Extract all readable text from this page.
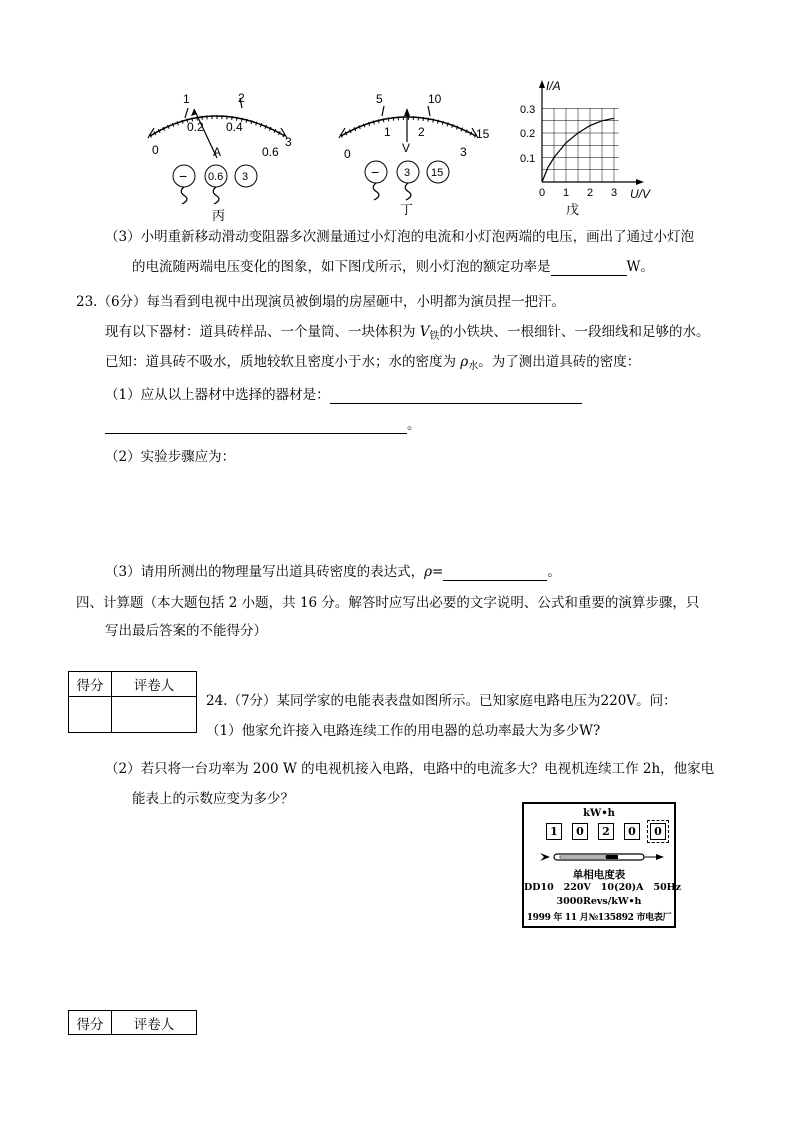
1	2
3
0
0.2 0.4
0.6
A
− 0.6 3
丙
5	10
15
0
1 2
3
V
− 3 15
丁
I/A
U/V
0.1
0.2
0.3
0 1 2 3
戊
（3）小明重新移动滑动变阻器多次测量通过小灯泡的电流和小灯泡两端的电压，画出了通过小灯泡
的电流随两端电压变化的图象，如下图戊所示，则小灯泡的额定功率是	W。
23.（6分）每当看到电视中出现演员被倒塌的房屋砸中，小明都为演员捏一把汗。
现有以下器材：道具砖样品、一个量筒、一块体积为 $V_铁$的小铁块、一根细针、一段细线和足够的水。
已知：道具砖不吸水，质地较软且密度小于水；水的密度为 $\rho_水$。为了测出道具砖的密度：
（1）应从以上器材中选择的器材是：
。
（2）实验步骤应为：
（3）请用所测出的物理量写出道具砖密度的表达式，ρ=	。
四、计算题（本大题包括 2 小题，共 16 分。解答时应写出必要的文字说明、公式和重要的演算步骤，只
写出最后答案的不能得分）
得分	评卷人

24.（7分）某同学家的电能表表盘如图所示。已知家庭电路电压为220V。问：
（1）他家允许接入电路连续工作的用电器的总功率最大为多少W?
（2）若只将一台功率为 200 W 的电视机接入电路，电路中的电流多大？电视机连续工作 2h，他家电
能表上的示数应变为多少？
kW•h
1	0	2	0	0
单相电度表
DD10   220V   10(20)A   50Hz
3000Revs/kW•h
1999 年 11 月№135892 市电表厂
得分	评卷人
